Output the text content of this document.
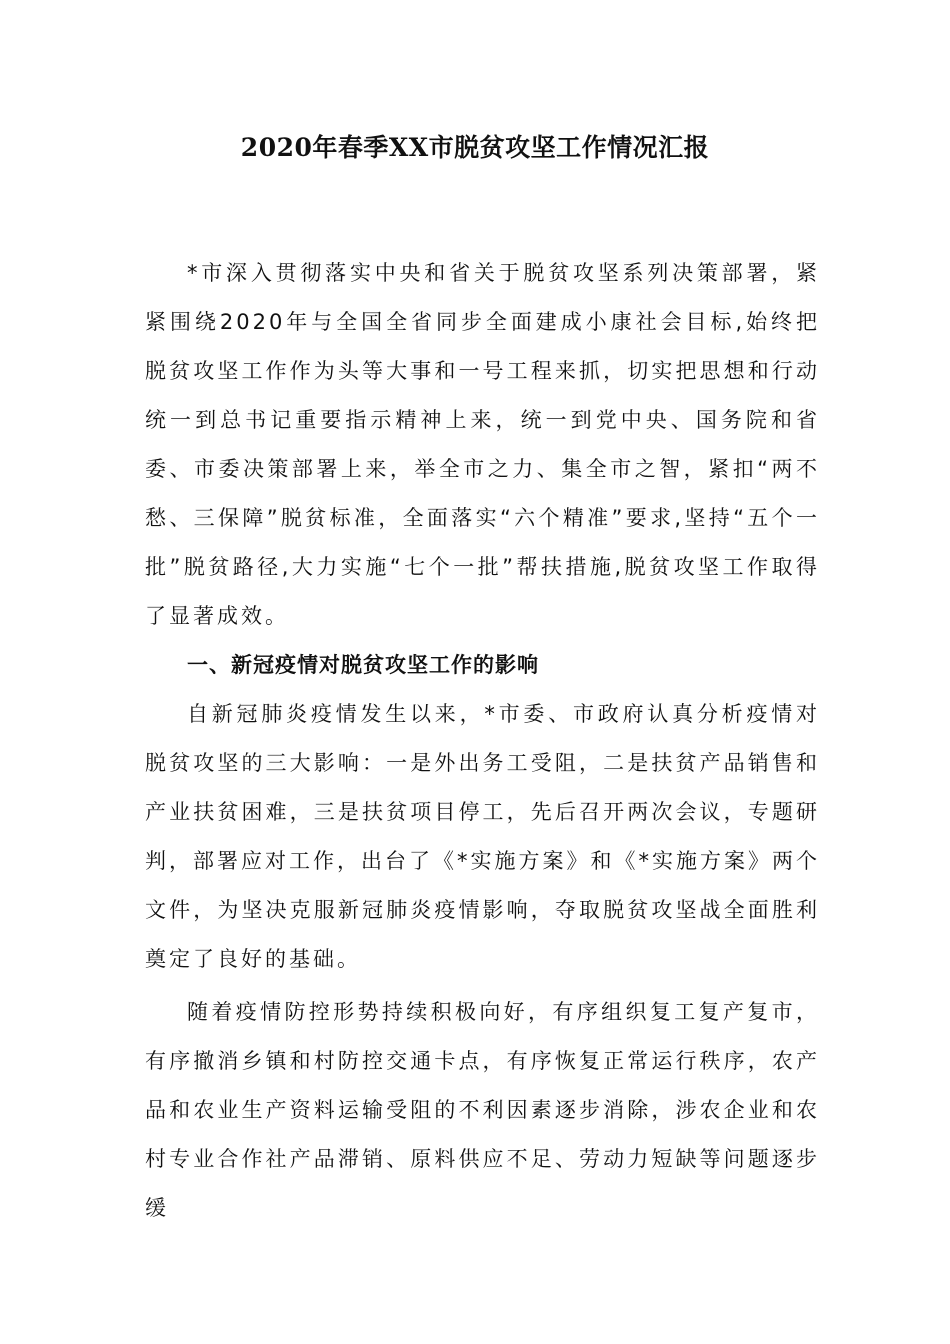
2020年春季XX市脱贫攻坚工作情况汇报

*市深入贯彻落实中央和省关于脱贫攻坚系列决策部署，紧紧围绕2020年与全国全省同步全面建成小康社会目标,始终把脱贫攻坚工作作为头等大事和一号工程来抓，切实把思想和行动统一到总书记重要指示精神上来，统一到党中央、国务院和省委、市委决策部署上来，举全市之力、集全市之智，紧扣“两不愁、三保障”脱贫标准，全面落实“六个精准”要求,坚持“五个一批”脱贫路径,大力实施“七个一批”帮扶措施,脱贫攻坚工作取得了显著成效。

一、新冠疫情对脱贫攻坚工作的影响

自新冠肺炎疫情发生以来，*市委、市政府认真分析疫情对脱贫攻坚的三大影响：一是外出务工受阻，二是扶贫产品销售和产业扶贫困难，三是扶贫项目停工，先后召开两次会议，专题研判，部署应对工作，出台了《*实施方案》和《*实施方案》两个文件，为坚决克服新冠肺炎疫情影响，夺取脱贫攻坚战全面胜利奠定了良好的基础。

随着疫情防控形势持续积极向好，有序组织复工复产复市，有序撤消乡镇和村防控交通卡点，有序恢复正常运行秩序，农产品和农业生产资料运输受阻的不利因素逐步消除，涉农企业和农村专业合作社产品滞销、原料供应不足、劳动力短缺等问题逐步缓
